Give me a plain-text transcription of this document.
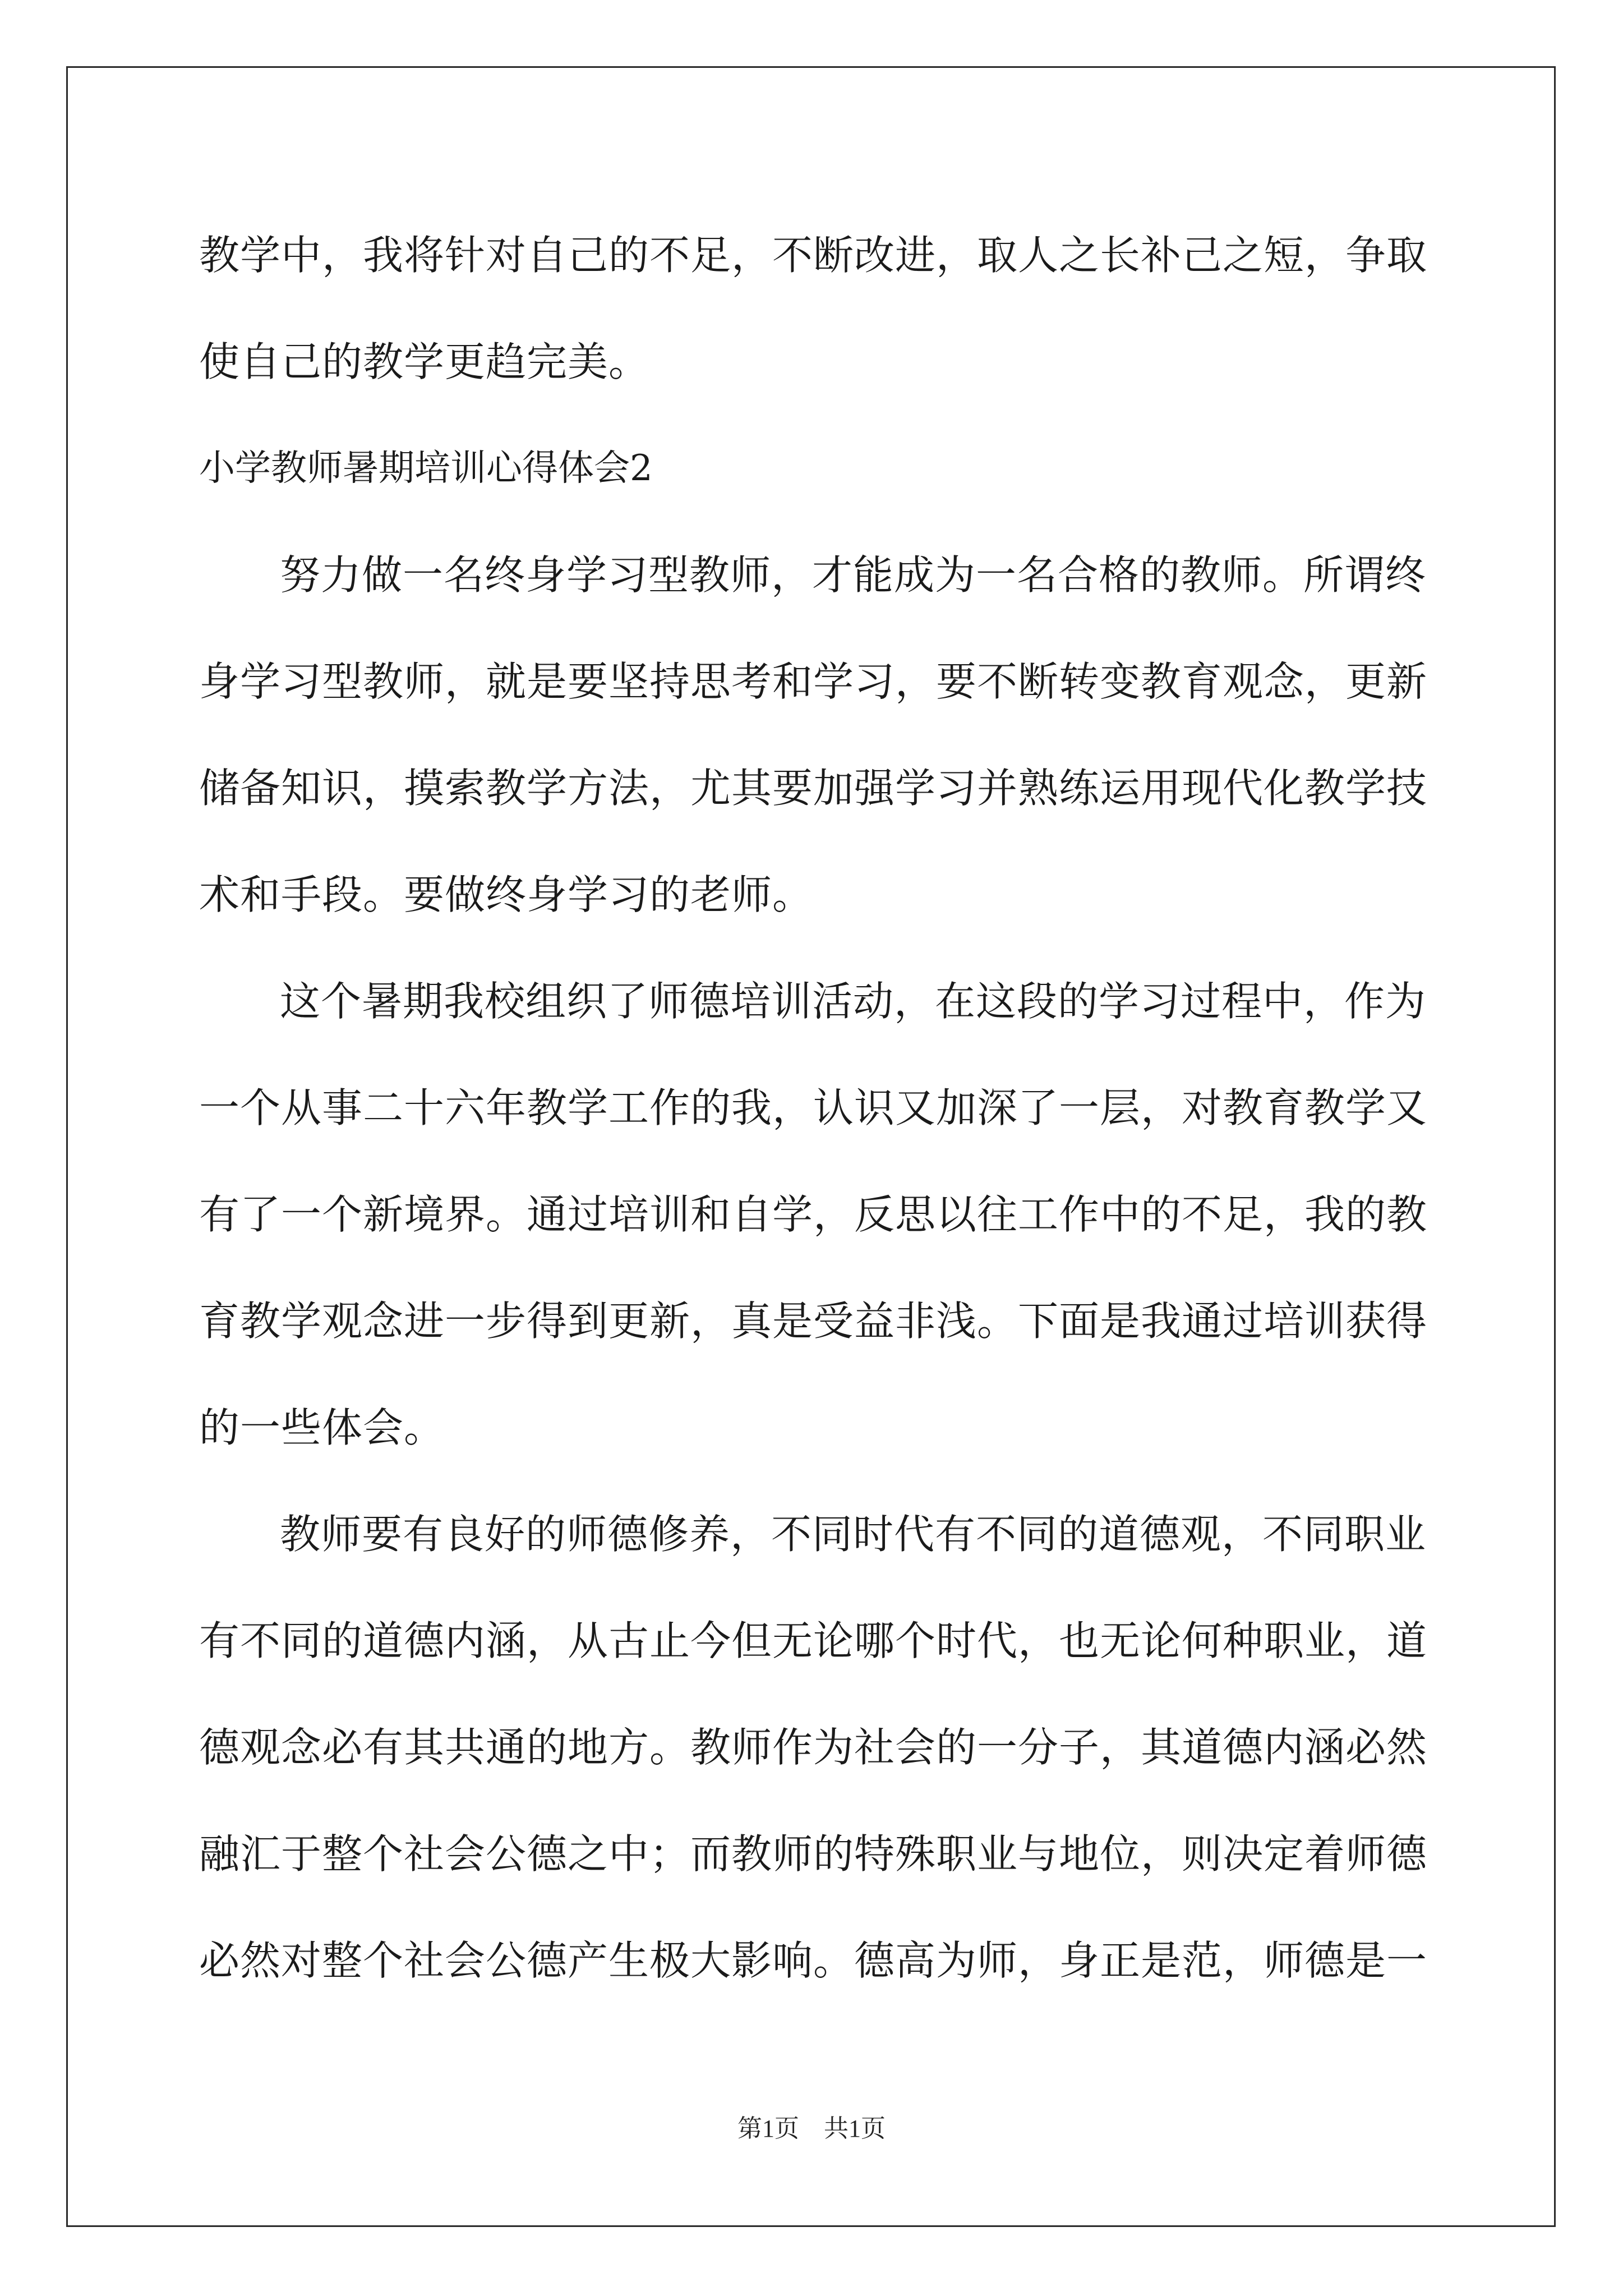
教学中，我将针对自己的不足，不断改进，取人之长补己之短，争取
使自己的教学更趋完美。
小学教师暑期培训心得体会2
努力做一名终身学习型教师，才能成为一名合格的教师。所谓终
身学习型教师，就是要坚持思考和学习，要不断转变教育观念，更新
储备知识，摸索教学方法，尤其要加强学习并熟练运用现代化教学技
术和手段。要做终身学习的老师。
这个暑期我校组织了师德培训活动，在这段的学习过程中，作为
一个从事二十六年教学工作的我，认识又加深了一层，对教育教学又
有了一个新境界。通过培训和自学，反思以往工作中的不足，我的教
育教学观念进一步得到更新，真是受益非浅。下面是我通过培训获得
的一些体会。
教师要有良好的师德修养，不同时代有不同的道德观，不同职业
有不同的道德内涵，从古止今但无论哪个时代，也无论何种职业，道
德观念必有其共通的地方。教师作为社会的一分子，其道德内涵必然
融汇于整个社会公德之中；而教师的特殊职业与地位，则决定着师德
必然对整个社会公德产生极大影响。德高为师，身正是范，师德是一
第1页　共1页
